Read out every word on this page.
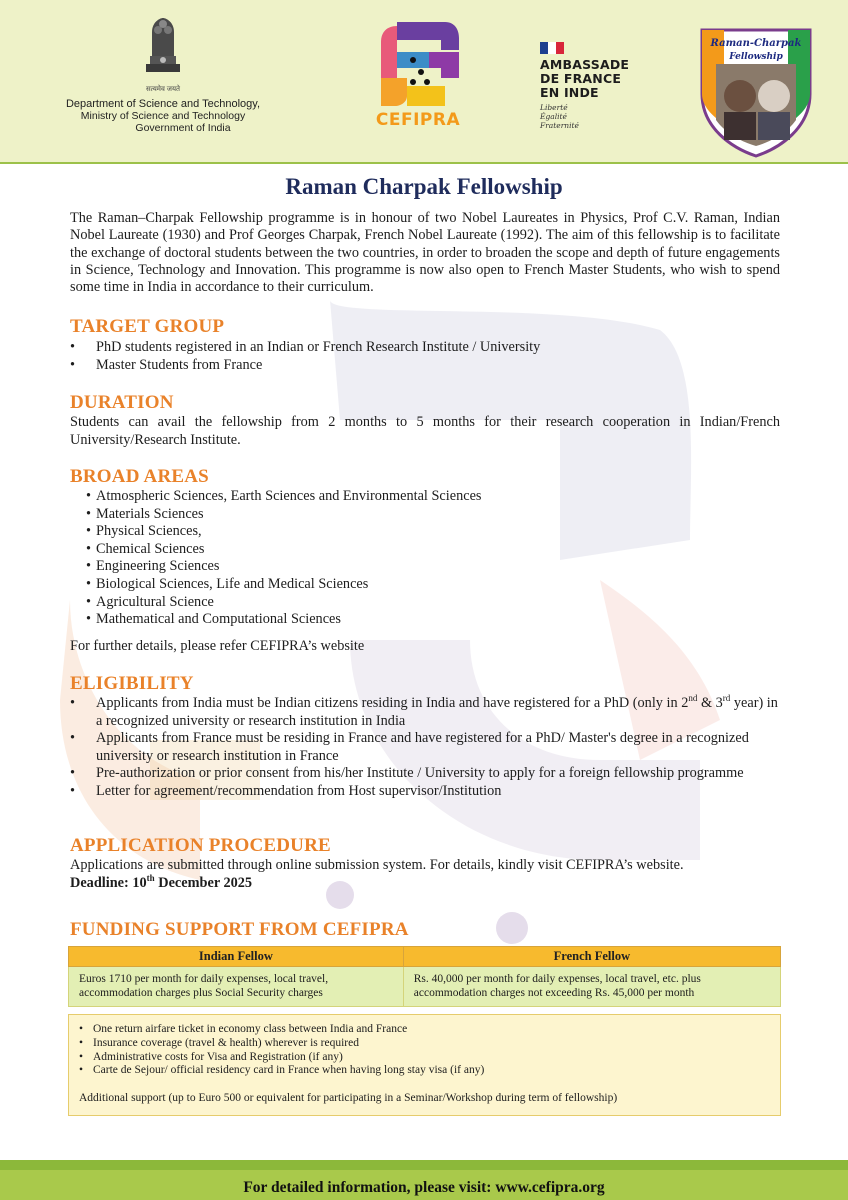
सत्यमेव जयते
Department of Science and Technology,
Ministry of Science and Technology
Government of India	CEFIPRA
AMBASSADE
DE FRANCE
EN INDE
Liberté
Égalité
Fraternité
Raman-Charpak
Fellowship
Raman Charpak Fellowship
The Raman–Charpak Fellowship programme is in honour of two Nobel Laureates in Physics, Prof C.V. Raman, Indian Nobel Laureate (1930) and Prof Georges Charpak, French Nobel Laureate (1992). The aim of this fellowship is to facilitate the exchange of doctoral students between the two countries, in order to broaden the scope and depth of future engagements in Science, Technology and Innovation. This programme is now also open to French Master Students, who wish to spend some time in India in accordance to their curriculum.
TARGET GROUP
• PhD students registered in an Indian or French Research Institute / University
• Master Students from France
DURATION
Students can avail the fellowship from 2 months to 5 months for their research cooperation in Indian/French University/Research Institute.
BROAD AREAS
• Atmospheric Sciences, Earth Sciences and Environmental Sciences
• Materials Sciences
• Physical Sciences,
• Chemical Sciences
• Engineering Sciences
• Biological Sciences, Life and Medical Sciences
• Agricultural Science
• Mathematical and Computational Sciences
For further details, please refer CEFIPRA’s website
ELIGIBILITY
• Applicants from India must be Indian citizens residing in India and have registered for a PhD (only in 2nd & 3rd year) in a recognized university or research institution in India
• Applicants from France must be residing in France and have registered for a PhD/ Master's degree in a recognized university or research institution in France
• Pre-authorization or prior consent from his/her Institute / University to apply for a foreign fellowship programme
• Letter for agreement/recommendation from Host supervisor/Institution
APPLICATION PROCEDURE
Applications are submitted through online submission system. For details, kindly visit CEFIPRA’s website.
Deadline: 10th December 2025
FUNDING SUPPORT FROM CEFIPRA
Indian Fellow	French Fellow
Euros 1710 per month for daily expenses, local travel, accommodation charges plus Social Security charges	Rs. 40,000 per month for daily expenses, local travel, etc. plus accommodation charges not exceeding Rs. 45,000 per month
• One return airfare ticket in economy class between India and France
• Insurance coverage (travel & health) wherever is required
• Administrative costs for Visa and Registration (if any)
• Carte de Sejour/ official residency card in France when having long stay visa (if any)
Additional support (up to Euro 500 or equivalent for participating in a Seminar/Workshop during term of fellowship)
For detailed information, please visit: www.cefipra.org
